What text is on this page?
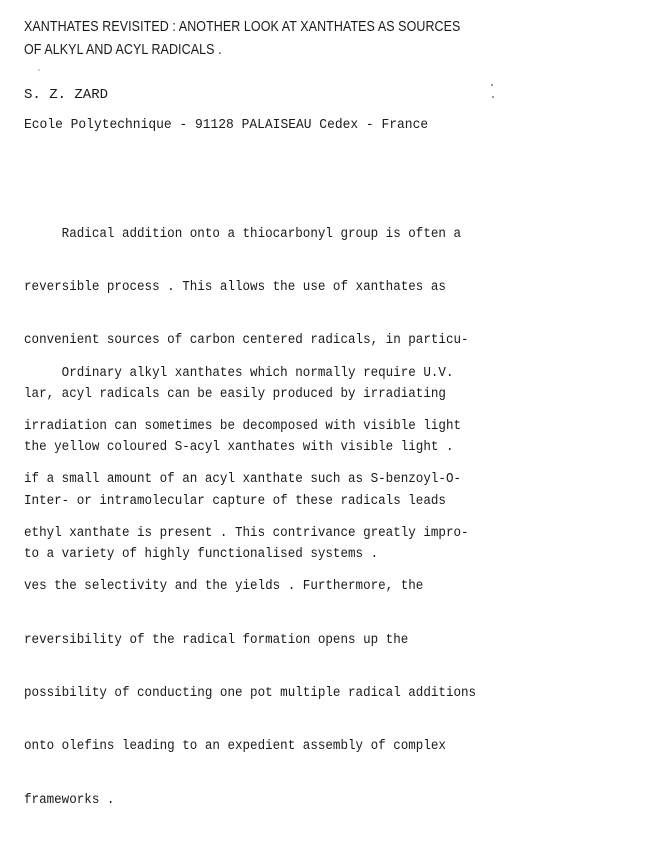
XANTHATES REVISITED : ANOTHER LOOK AT XANTHATES AS SOURCES
OF ALKYL AND ACYL RADICALS .
S. Z. ZARD
Ecole Polytechnique - 91128 PALAISEAU Cedex - France

Radical addition onto a thiocarbonyl group is often a

reversible process . This allows the use of xanthates as

convenient sources of carbon centered radicals, in particu-

lar, acyl radicals can be easily produced by irradiating

the yellow coloured S-acyl xanthates with visible light .

Inter- or intramolecular capture of these radicals leads

to a variety of highly functionalised systems .

Ordinary alkyl xanthates which normally require U.V.

irradiation can sometimes be decomposed with visible light

if a small amount of an acyl xanthate such as S-benzoyl-O-

ethyl xanthate is present . This contrivance greatly impro-

ves the selectivity and the yields . Furthermore, the

reversibility of the radical formation opens up the

possibility of conducting one pot multiple radical additions

onto olefins leading to an expedient assembly of complex

frameworks .
